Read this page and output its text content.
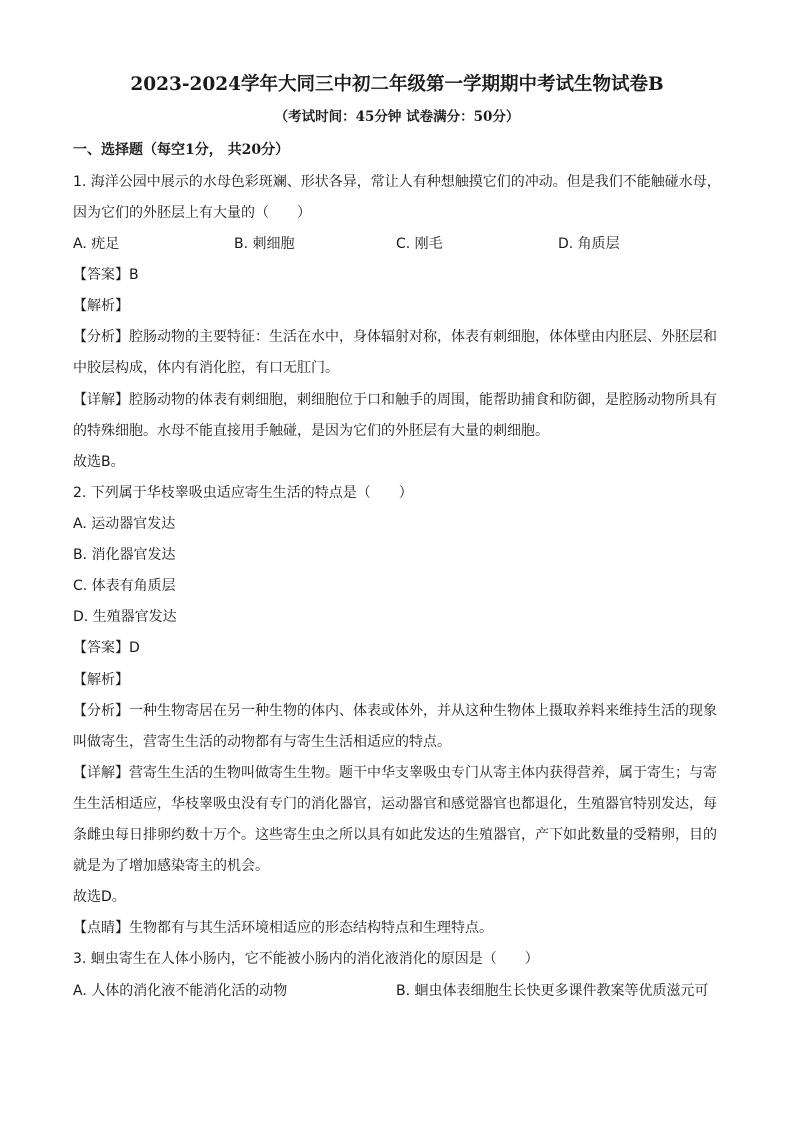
2023-2024学年大同三中初二年级第一学期期中考试生物试卷B
（考试时间：45分钟 试卷满分：50分）
一、选择题（每空1分， 共20分）
1. 海洋公园中展示的水母色彩斑斓、形状各异，常让人有种想触摸它们的冲动。但是我们不能触碰水母，
因为它们的外胚层上有大量的（　　）
A. 疣足	B. 刺细胞	C. 刚毛	D. 角质层
【答案】B
【解析】
【分析】腔肠动物的主要特征：生活在水中，身体辐射对称，体表有刺细胞，体体壁由内胚层、外胚层和
中胶层构成，体内有消化腔，有口无肛门。
【详解】腔肠动物的体表有刺细胞，刺细胞位于口和触手的周围，能帮助捕食和防御，是腔肠动物所具有
的特殊细胞。水母不能直接用手触碰，是因为它们的外胚层有大量的刺细胞。
故选B。
2. 下列属于华枝睾吸虫适应寄生生活的特点是（　　）
A. 运动器官发达
B. 消化器官发达
C. 体表有角质层
D. 生殖器官发达
【答案】D
【解析】
【分析】一种生物寄居在另一种生物的体内、体表或体外，并从这种生物体上摄取养料来维持生活的现象
叫做寄生，营寄生生活的动物都有与寄生生活相适应的特点。
【详解】营寄生生活的生物叫做寄生生物。题干中华支睾吸虫专门从寄主体内获得营养，属于寄生；与寄
生生活相适应，华枝睾吸虫没有专门的消化器官，运动器官和感觉器官也都退化，生殖器官特别发达，每
条雌虫每日排卵约数十万个。这些寄生虫之所以具有如此发达的生殖器官，产下如此数量的受精卵，目的
就是为了增加感染寄主的机会。
故选D。
【点睛】生物都有与其生活环境相适应的形态结构特点和生理特点。
3. 蛔虫寄生在人体小肠内，它不能被小肠内的消化液消化的原因是（　　）
A. 人体的消化液不能消化活的动物	B. 蛔虫体表细胞生长快更多课件教案等优质滋元可
